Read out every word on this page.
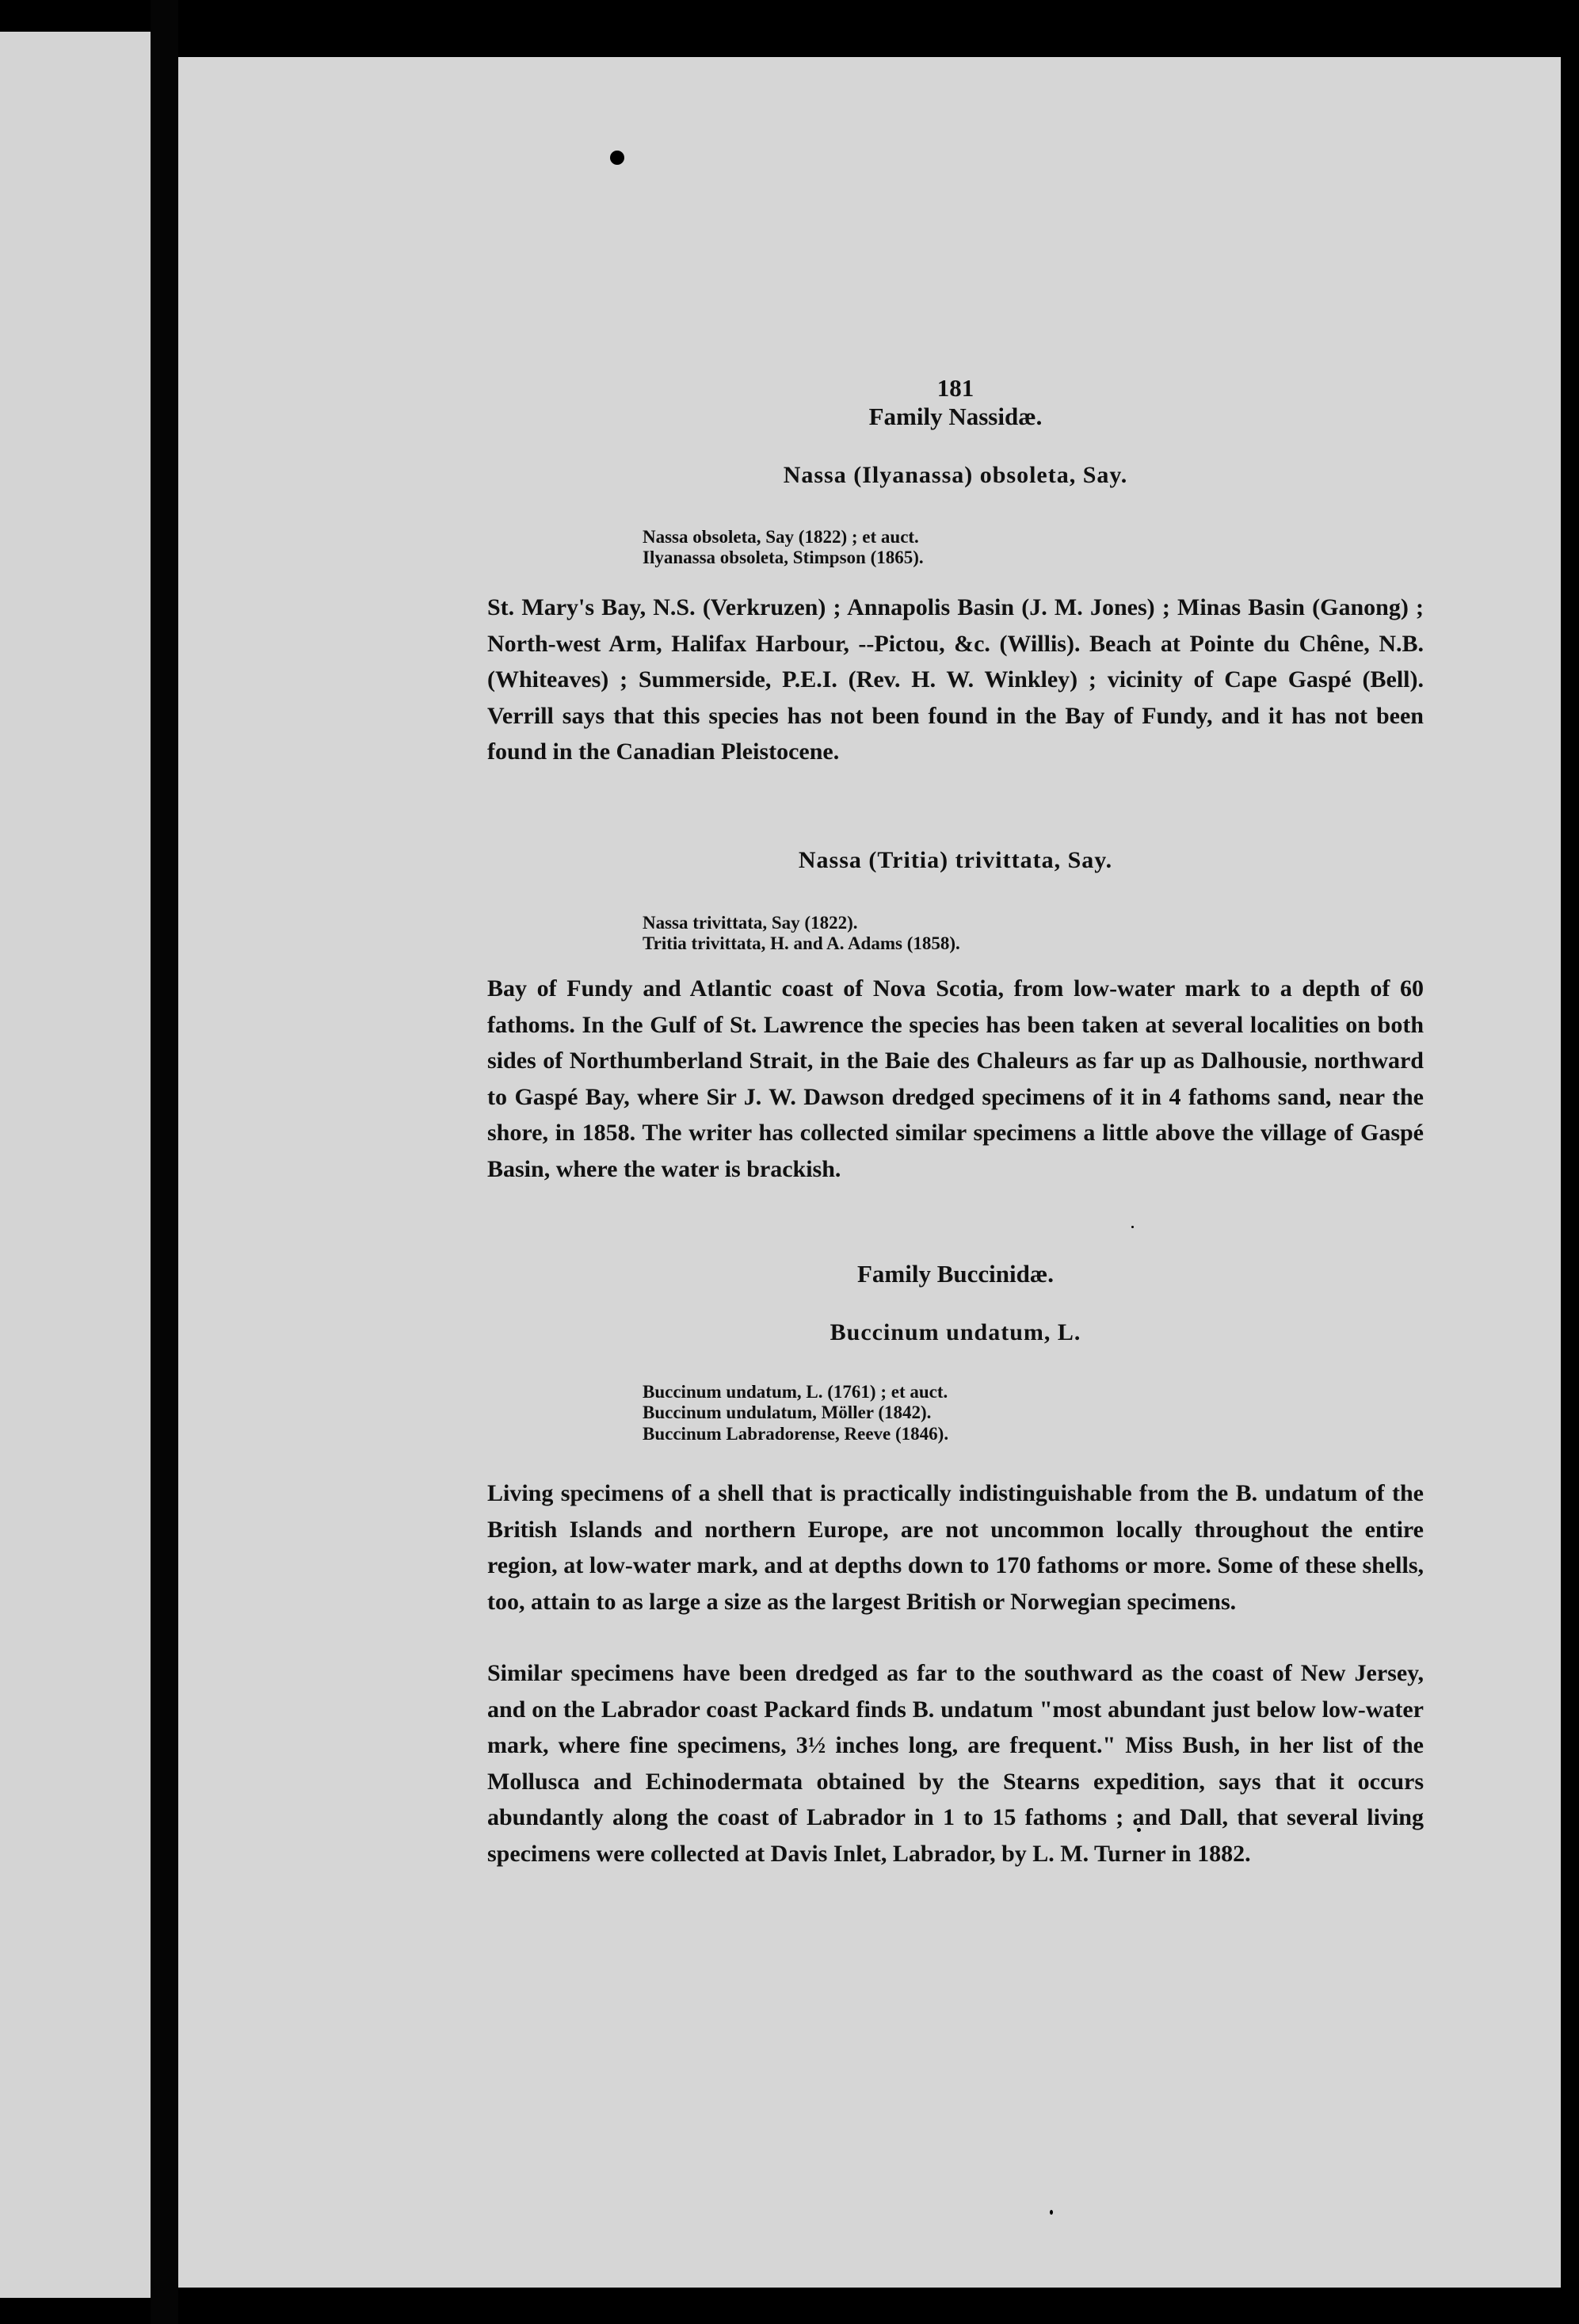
181
Family Nassidæ.
Nassa (Ilyanassa) obsoleta, Say.
Nassa obsoleta, Say (1822) ; et auct.
Ilyanassa obsoleta, Stimpson (1865).

St. Mary's Bay, N.S. (Verkruzen) ; Annapolis Basin (J. M. Jones) ; Minas Basin (Ganong) ; North-west Arm, Halifax Harbour, --Pictou, &c. (Willis). Beach at Pointe du Chêne, N.B. (Whiteaves) ; Summerside, P.E.I. (Rev. H. W. Winkley) ; vicinity of Cape Gaspé (Bell). Verrill says that this species has not been found in the Bay of Fundy, and it has not been found in the Canadian Pleistocene.

Nassa (Tritia) trivittata, Say.
Nassa trivittata, Say (1822).
Tritia trivittata, H. and A. Adams (1858).

Bay of Fundy and Atlantic coast of Nova Scotia, from low-water mark to a depth of 60 fathoms. In the Gulf of St. Lawrence the species has been taken at several localities on both sides of Northumberland Strait, in the Baie des Chaleurs as far up as Dalhousie, northward to Gaspé Bay, where Sir J. W. Dawson dredged specimens of it in 4 fathoms sand, near the shore, in 1858. The writer has collected similar specimens a little above the village of Gaspé Basin, where the water is brackish.

Family Buccinidæ.
Buccinum undatum, L.
Buccinum undatum, L. (1761) ; et auct.
Buccinum undulatum, Möller (1842).
Buccinum Labradorense, Reeve (1846).

Living specimens of a shell that is practically indistinguishable from the B. undatum of the British Islands and northern Europe, are not uncommon locally throughout the entire region, at low-water mark, and at depths down to 170 fathoms or more. Some of these shells, too, attain to as large a size as the largest British or Norwegian specimens.

Similar specimens have been dredged as far to the southward as the coast of New Jersey, and on the Labrador coast Packard finds B. undatum "most abundant just below low-water mark, where fine specimens, 3½ inches long, are frequent." Miss Bush, in her list of the Mollusca and Echinodermata obtained by the Stearns expedition, says that it occurs abundantly along the coast of Labrador in 1 to 15 fathoms ; and Dall, that several living specimens were collected at Davis Inlet, Labrador, by L. M. Turner in 1882.
